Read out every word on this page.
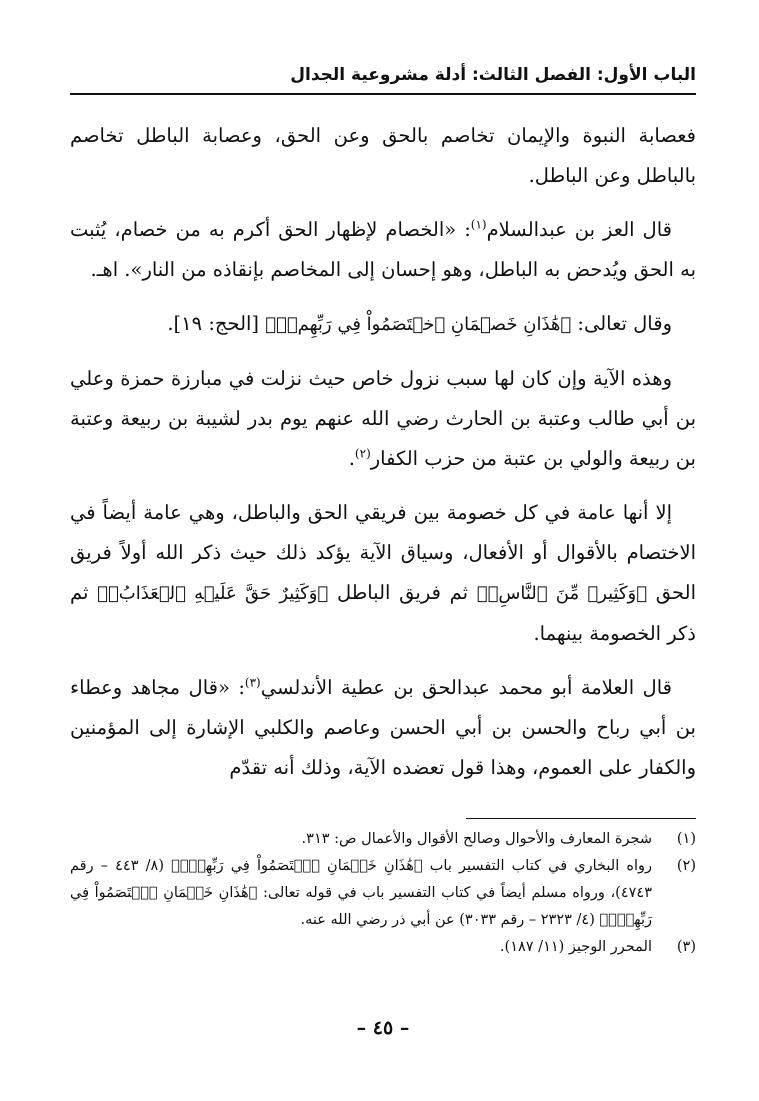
الباب الأول: الفصل الثالث: أدلة مشروعية الجدال

فعصابة النبوة والإيمان تخاصم بالحق وعن الحق، وعصابة الباطل تخاصم بالباطل وعن الباطل.

قال العز بن عبدالسلام$^{(١)}$: «الخصام لإظهار الحق أكرم به من خصام، يُثبت به الحق ويُدحض به الباطل، وهو إحسان إلى المخاصم بإنقاذه من النار». اهـ.

وقال تعالى: ﴿هَٰذَانِ خَصۡمَانِ ٱخۡتَصَمُواْ فِي رَبِّهِمۡۖ﴾ [الحج: ١٩].

وهذه الآية وإن كان لها سبب نزول خاص حيث نزلت في مبارزة حمزة وعلي بن أبي طالب وعتبة بن الحارث رضي الله عنهم يوم بدر لشيبة بن ربيعة وعتبة بن ربيعة والولي بن عتبة من حزب الكفار$^{(٢)}$.

إلا أنها عامة في كل خصومة بين فريقي الحق والباطل، وهي عامة أيضاً في الاختصام بالأقوال أو الأفعال، وسياق الآية يؤكد ذلك حيث ذكر الله أولاً فريق الحق ﴿وَكَثِيرٞ مِّنَ ٱلنَّاسِۖ﴾ ثم فريق الباطل ﴿وَكَثِيرٌ حَقَّ عَلَيۡهِ ٱلۡعَذَابُۗ﴾ ثم ذكر الخصومة بينهما.

قال العلامة أبو محمد عبدالحق بن عطية الأندلسي$^{(٣)}$: «قال مجاهد وعطاء بن أبي رباح والحسن بن أبي الحسن وعاصم والكلبي الإشارة إلى المؤمنين والكفار على العموم، وهذا قول تعضده الآية، وذلك أنه تقدّم

(١)
شجرة المعارف والأحوال وصالح الأقوال والأعمال ص: ٣١٣.
(٢)
رواه البخاري في كتاب التفسير باب ﴿هَٰذَانِ خَصۡمَانِ ٱخۡتَصَمُواْ فِي رَبِّهِمۡۖ﴾ (٨/ ٤٤٣ – رقم ٤٧٤٣)، ورواه مسلم أيضاً في كتاب التفسير باب في قوله تعالى: ﴿هَٰذَانِ خَصۡمَانِ ٱخۡتَصَمُواْ فِي رَبِّهِمۡۖ﴾ (٤/ ٢٣٢٣ – رقم ٣٠٣٣) عن أبي ذر رضي الله عنه.
(٣)
المحرر الوجيز (١١/ ١٨٧).
– ٤٥ –
